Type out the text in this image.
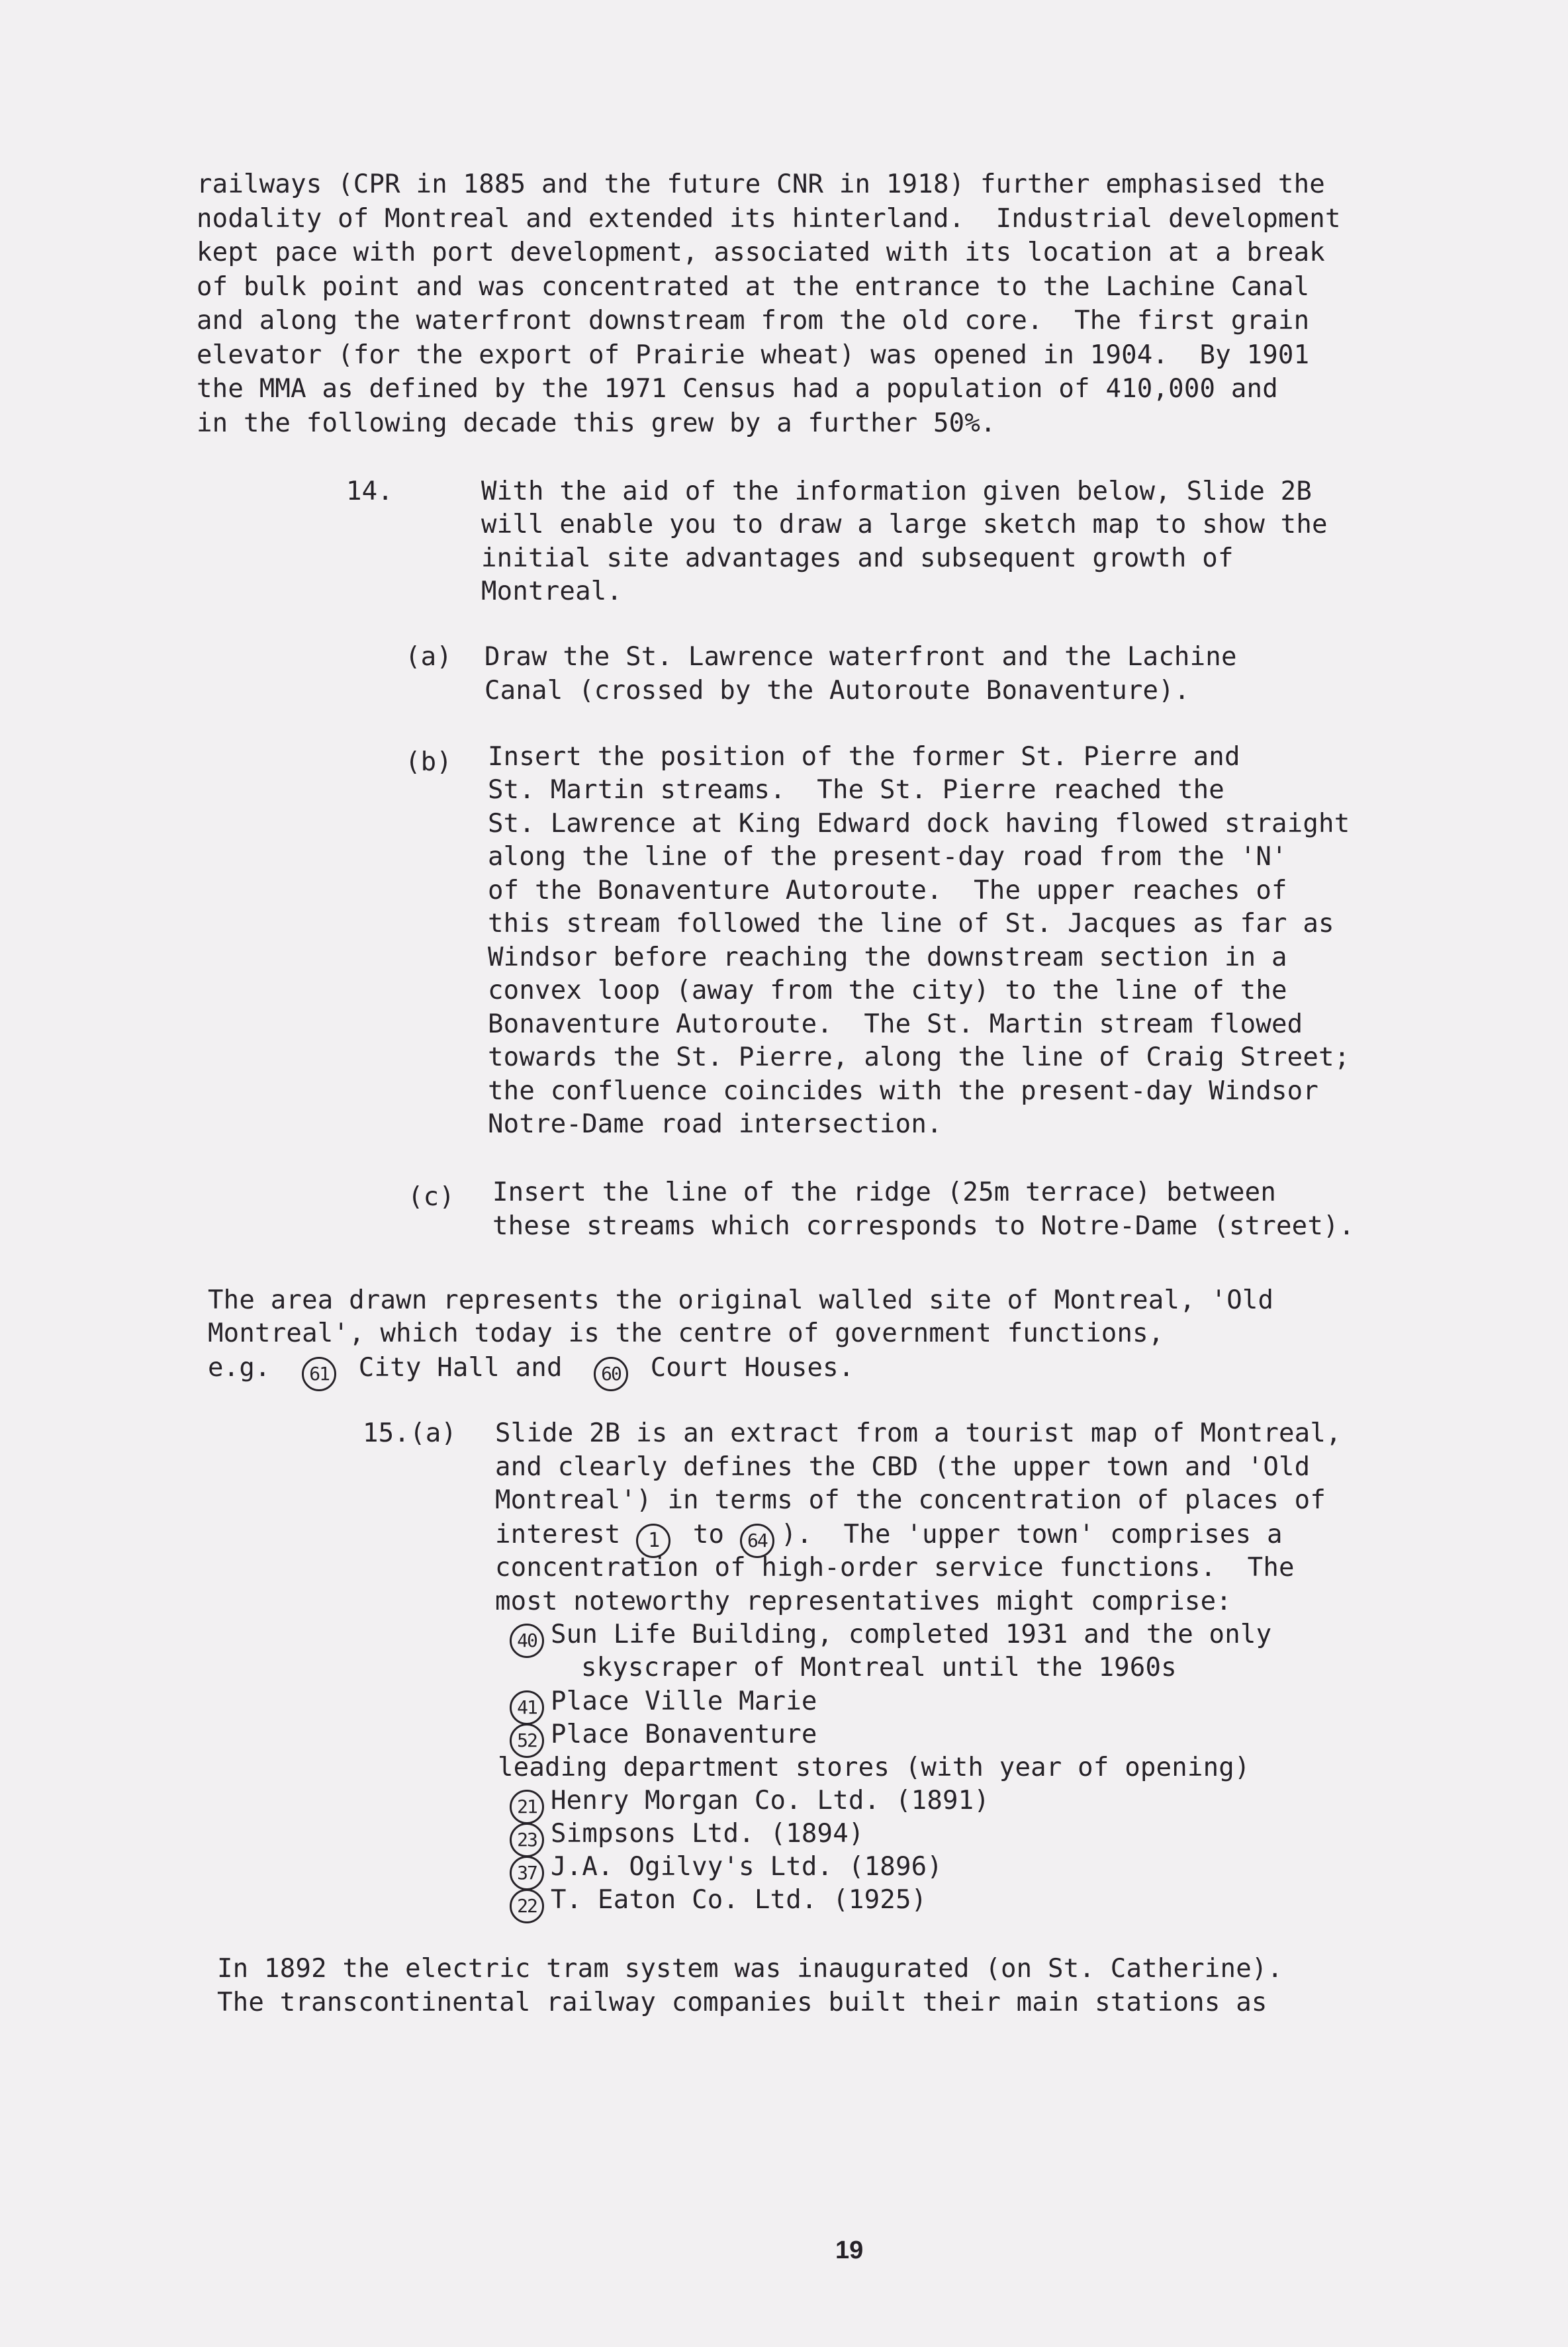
railways (CPR in 1885 and the future CNR in 1918) further emphasised the
nodality of Montreal and extended its hinterland.  Industrial development
kept pace with port development, associated with its location at a break
of bulk point and was concentrated at the entrance to the Lachine Canal
and along the waterfront downstream from the old core.  The first grain
elevator (for the export of Prairie wheat) was opened in 1904.  By 1901
the MMA as defined by the 1971 Census had a population of 410,000 and
in the following decade this grew by a further 50%.
14.	With the aid of the information given below, Slide 2B
will enable you to draw a large sketch map to show the
initial site advantages and subsequent growth of
Montreal.
(a) Draw the St. Lawrence waterfront and the Lachine
Canal (crossed by the Autoroute Bonaventure).
(b) Insert the position of the former St. Pierre and
St. Martin streams.  The St. Pierre reached the
St. Lawrence at King Edward dock having flowed straight
along the line of the present-day road from the 'N'
of the Bonaventure Autoroute.  The upper reaches of
this stream followed the line of St. Jacques as far as
Windsor before reaching the downstream section in a
convex loop (away from the city) to the line of the
Bonaventure Autoroute.  The St. Martin stream flowed
towards the St. Pierre, along the line of Craig Street;
the confluence coincides with the present-day Windsor
Notre-Dame road intersection.
(c) Insert the line of the ridge (25m terrace) between
these streams which corresponds to Notre-Dame (street).
The area drawn represents the original walled site of Montreal, 'Old
Montreal', which today is the centre of government functions,
e.g. 61 City Hall and 60 Court Houses.
15.(a) Slide 2B is an extract from a tourist map of Montreal,
and clearly defines the CBD (the upper town and 'Old
Montreal') in terms of the concentration of places of
interest 1 to 64 ).  The 'upper town' comprises a
concentration of high-order service functions.  The
most noteworthy representatives might comprise:
40 Sun Life Building, completed 1931 and the only
skyscraper of Montreal until the 1960s
41 Place Ville Marie
52 Place Bonaventure
leading department stores (with year of opening)
21 Henry Morgan Co. Ltd. (1891)
23 Simpsons Ltd. (1894)
37 J.A. Ogilvy's Ltd. (1896)
22 T. Eaton Co. Ltd. (1925)
In 1892 the electric tram system was inaugurated (on St. Catherine).
The transcontinental railway companies built their main stations as
19
